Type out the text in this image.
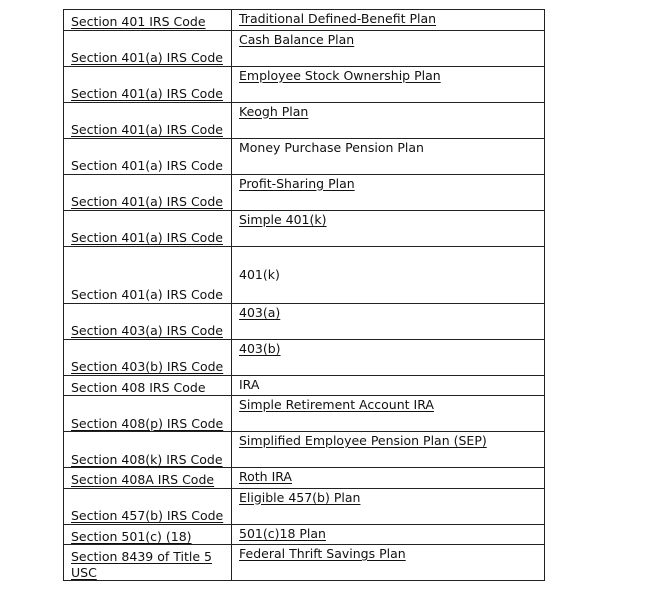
Section 401 IRS Code	Traditional Defined-Benefit Plan

Section 401(a) IRS Code	Cash Balance Plan

Section 401(a) IRS Code	Employee Stock Ownership Plan

Section 401(a) IRS Code	Keogh Plan

Section 401(a) IRS Code	Money Purchase Pension Plan

Section 401(a) IRS Code	Profit-Sharing Plan

Section 401(a) IRS Code	Simple 401(k)

Section 401(a) IRS Code	401(k)

Section 403(a) IRS Code	403(a)

Section 403(b) IRS Code	403(b)

Section 408 IRS Code	IRA

Section 408(p) IRS Code	Simple Retirement Account IRA

Section 408(k) IRS Code	Simplified Employee Pension Plan (SEP)

Section 408A IRS Code	Roth IRA

Section 457(b) IRS Code	Eligible 457(b) Plan

Section 501(c) (18)	501(c)18 Plan

Section 8439 of Title 5 USC	Federal Thrift Savings Plan
